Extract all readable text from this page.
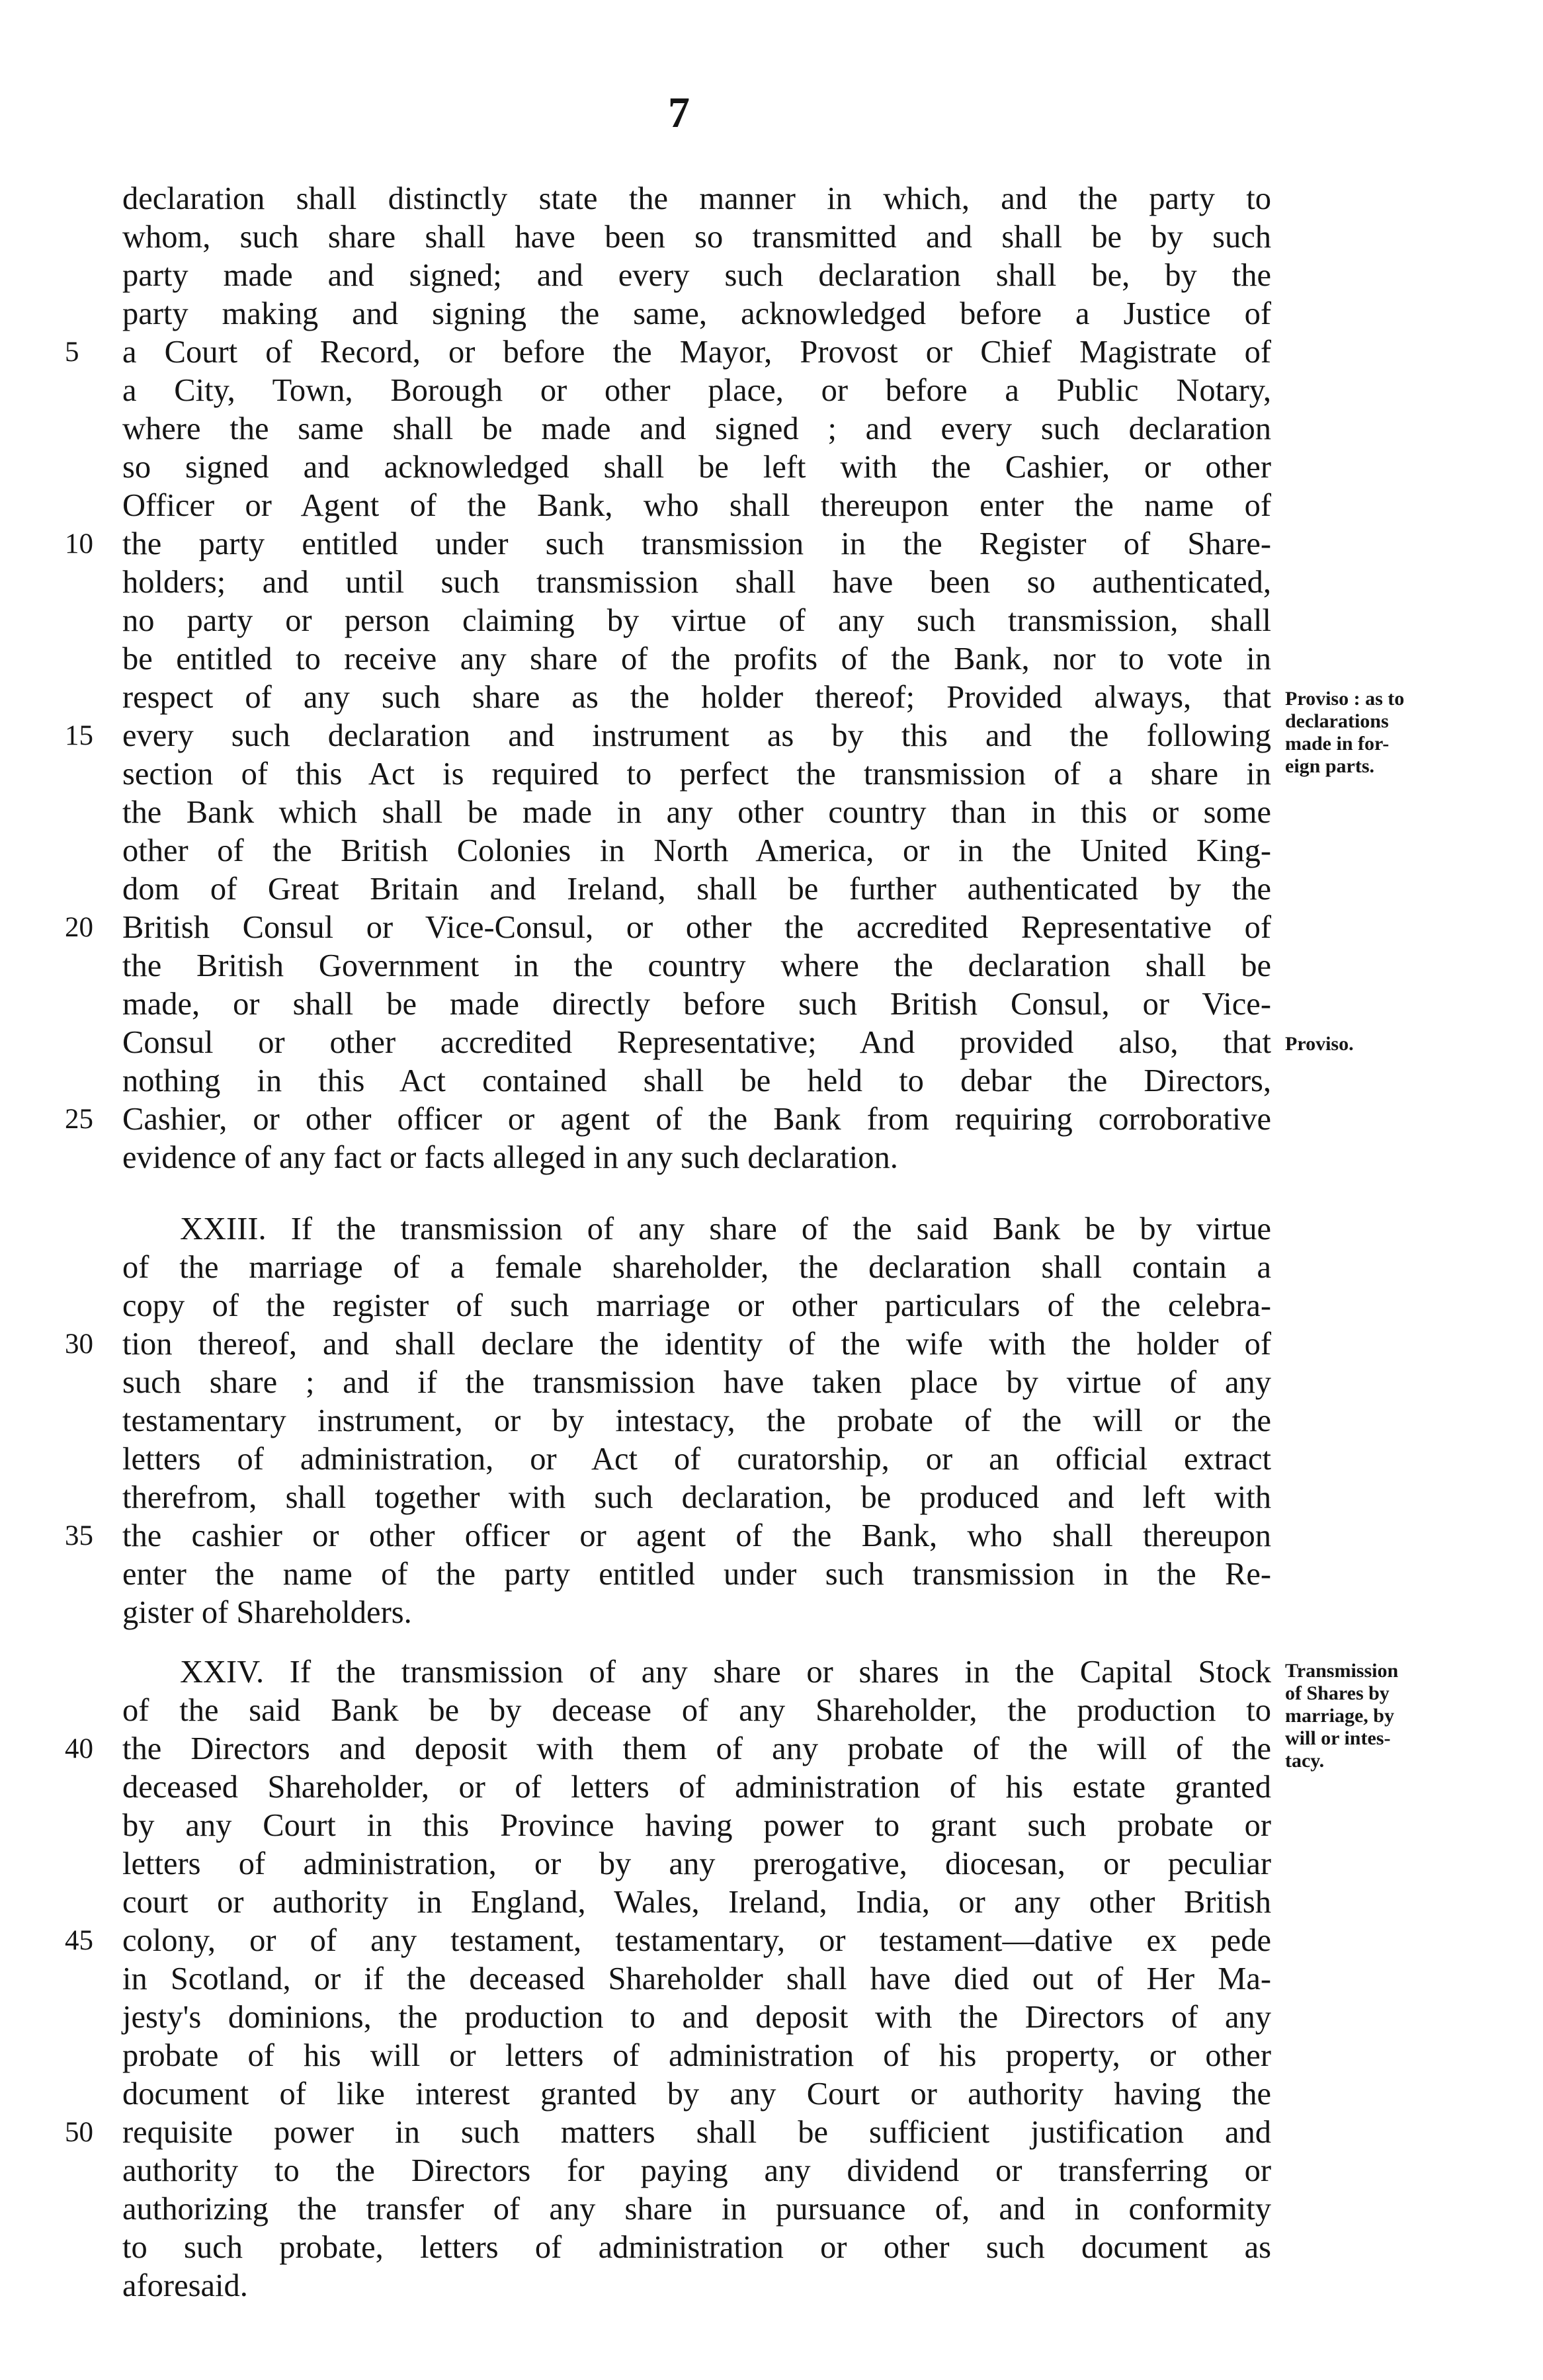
7
declaration shall distinctly state the manner in which, and the party to
whom, such share shall have been so transmitted and shall be by such
party made and signed; and every such declaration shall be, by the
party making and signing the same, acknowledged before a Justice of
a Court of Record, or before the Mayor, Provost or Chief Magistrate of
a City, Town, Borough or other place, or before a Public Notary,
where the same shall be made and signed ; and every such declaration
so signed and acknowledged shall be left with the Cashier, or other
Officer or Agent of the Bank, who shall thereupon enter the name of
the party entitled under such transmission in the Register of Share-
holders; and until such transmission shall have been so authenticated,
no party or person claiming by virtue of any such transmission, shall
be entitled to receive any share of the profits of the Bank, nor to vote in
respect of any such share as the holder thereof; Provided always, that
every such declaration and instrument as by this and the following
section of this Act is required to perfect the transmission of a share in
the Bank which shall be made in any other country than in this or some
other of the British Colonies in North America, or in the United King-
dom of Great Britain and Ireland, shall be further authenticated by the
British Consul or Vice-Consul, or other the accredited Representative of
the British Government in the country where the declaration shall be
made, or shall be made directly before such British Consul, or Vice-
Consul or other accredited Representative; And provided also, that
nothing in this Act contained shall be held to debar the Directors,
Cashier, or other officer or agent of the Bank from requiring corroborative
evidence of any fact or facts alleged in any such declaration.
XXIII. If the transmission of any share of the said Bank be by virtue
of the marriage of a female shareholder, the declaration shall contain a
copy of the register of such marriage or other particulars of the celebra-
tion thereof, and shall declare the identity of the wife with the holder of
such share ; and if the transmission have taken place by virtue of any
testamentary instrument, or by intestacy, the probate of the will or the
letters of administration, or Act of curatorship, or an official extract
therefrom, shall together with such declaration, be produced and left with
the cashier or other officer or agent of the Bank, who shall thereupon
enter the name of the party entitled under such transmission in the Re-
gister of Shareholders.
XXIV. If the transmission of any share or shares in the Capital Stock
of the said Bank be by decease of any Shareholder, the production to
the Directors and deposit with them of any probate of the will of the
deceased Shareholder, or of letters of administration of his estate granted
by any Court in this Province having power to grant such probate or
letters of administration, or by any prerogative, diocesan, or peculiar
court or authority in England, Wales, Ireland, India, or any other British
colony, or of any testament, testamentary, or testament—dative ex pede
in Scotland, or if the deceased Shareholder shall have died out of Her Ma-
jesty's dominions, the production to and deposit with the Directors of any
probate of his will or letters of administration of his property, or other
document of like interest granted by any Court or authority having the
requisite power in such matters shall be sufficient justification and
authority to the Directors for paying any dividend or transferring or
authorizing the transfer of any share in pursuance of, and in conformity
to such probate, letters of administration or other such document as
aforesaid.
5
10
15
20
25
30
35
40
45
50
Proviso : as to
declarations
made in for-
eign parts.
Proviso.
Transmission
of Shares by
marriage, by
will or intes-
tacy.
